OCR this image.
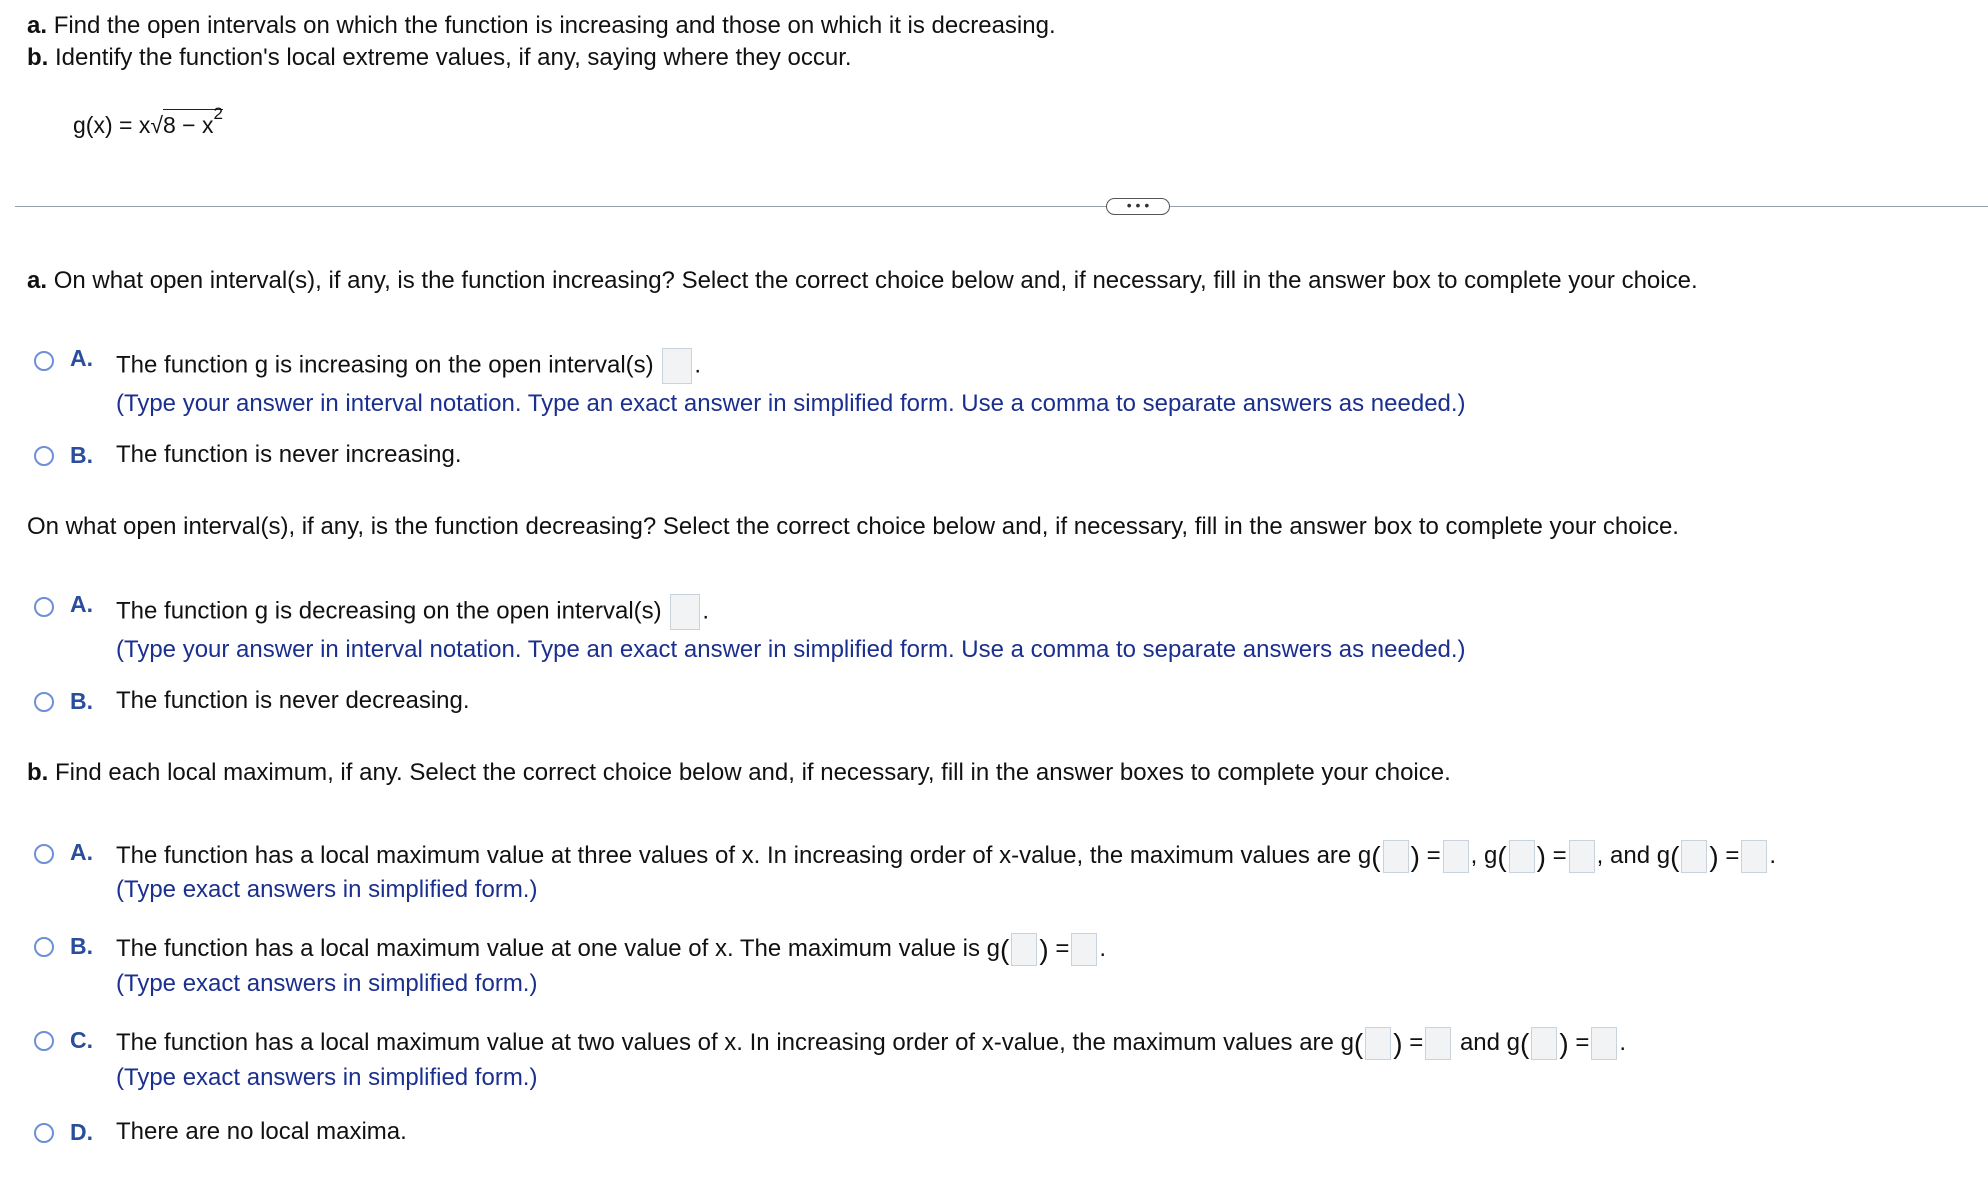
a. Find the open intervals on which the function is increasing and those on which it is decreasing.
b. Identify the function's local extreme values, if any, saying where they occur.
$g(x) = x√8 - x^2$
• • •
a. On what open interval(s), if any, is the function increasing? Select the correct choice below and, if necessary, fill in the answer box to complete your choice.
A. The function g is increasing on the open interval(s) .
(Type your answer in interval notation. Type an exact answer in simplified form. Use a comma to separate answers as needed.)
B. The function is never increasing.
On what open interval(s), if any, is the function decreasing? Select the correct choice below and, if necessary, fill in the answer box to complete your choice.
A. The function g is decreasing on the open interval(s) .
(Type your answer in interval notation. Type an exact answer in simplified form. Use a comma to separate answers as needed.)
B. The function is never decreasing.
b. Find each local maximum, if any. Select the correct choice below and, if necessary, fill in the answer boxes to complete your choice.
A. The function has a local maximum value at three values of x. In increasing order of x-value, the maximum values are g( ) = , g( ) = , and g( ) = .
(Type exact answers in simplified form.)
B. The function has a local maximum value at one value of x. The maximum value is g( ) = .
(Type exact answers in simplified form.)
C. The function has a local maximum value at two values of x. In increasing order of x-value, the maximum values are g( ) = and g( ) = .
(Type exact answers in simplified form.)
D. There are no local maxima.
